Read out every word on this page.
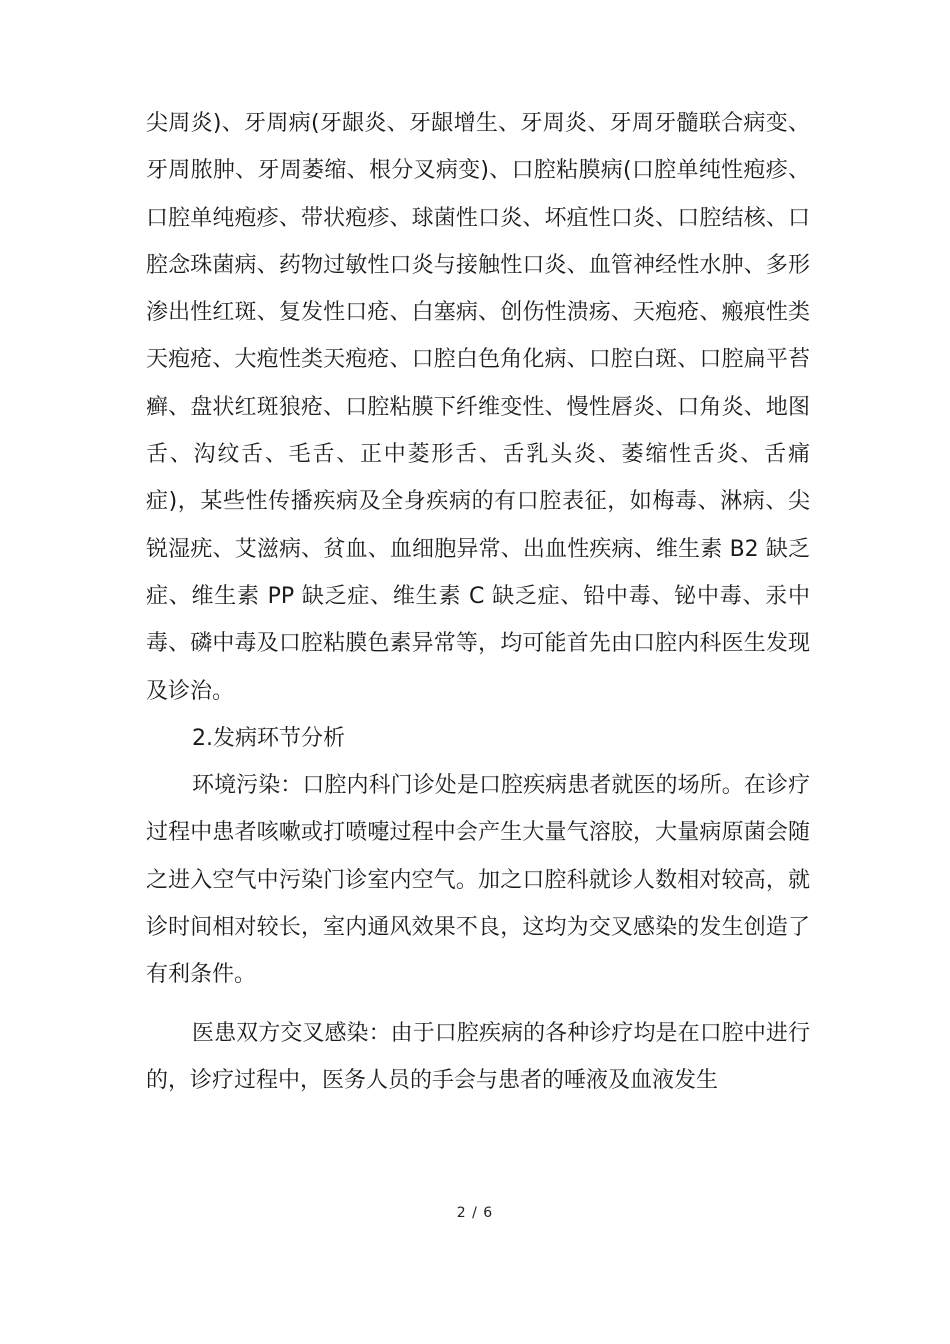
尖周炎)、牙周病(牙龈炎、牙龈增生、牙周炎、牙周牙髓联合病变、牙周脓肿、牙周萎缩、根分叉病变)、口腔粘膜病(口腔单纯性疱疹、口腔单纯疱疹、带状疱疹、球菌性口炎、坏疽性口炎、口腔结核、口腔念珠菌病、药物过敏性口炎与接触性口炎、血管神经性水肿、多形渗出性红斑、复发性口疮、白塞病、创伤性溃疡、天疱疮、瘢痕性类天疱疮、大疱性类天疱疮、口腔白色角化病、口腔白斑、口腔扁平苔癣、盘状红斑狼疮、口腔粘膜下纤维变性、慢性唇炎、口角炎、地图舌、沟纹舌、毛舌、正中菱形舌、舌乳头炎、萎缩性舌炎、舌痛症)，某些性传播疾病及全身疾病的有口腔表征，如梅毒、淋病、尖锐湿疣、艾滋病、贫血、血细胞异常、出血性疾病、维生素 B2 缺乏症、维生素 PP 缺乏症、维生素 C 缺乏症、铅中毒、铋中毒、汞中毒、磷中毒及口腔粘膜色素异常等，均可能首先由口腔内科医生发现及诊治。

2.发病环节分析

环境污染：口腔内科门诊处是口腔疾病患者就医的场所。在诊疗过程中患者咳嗽或打喷嚏过程中会产生大量气溶胶，大量病原菌会随之进入空气中污染门诊室内空气。加之口腔科就诊人数相对较高，就诊时间相对较长，室内通风效果不良，这均为交叉感染的发生创造了有利条件。

医患双方交叉感染：由于口腔疾病的各种诊疗均是在口腔中进行的，诊疗过程中，医务人员的手会与患者的唾液及血液发生

2 / 6
